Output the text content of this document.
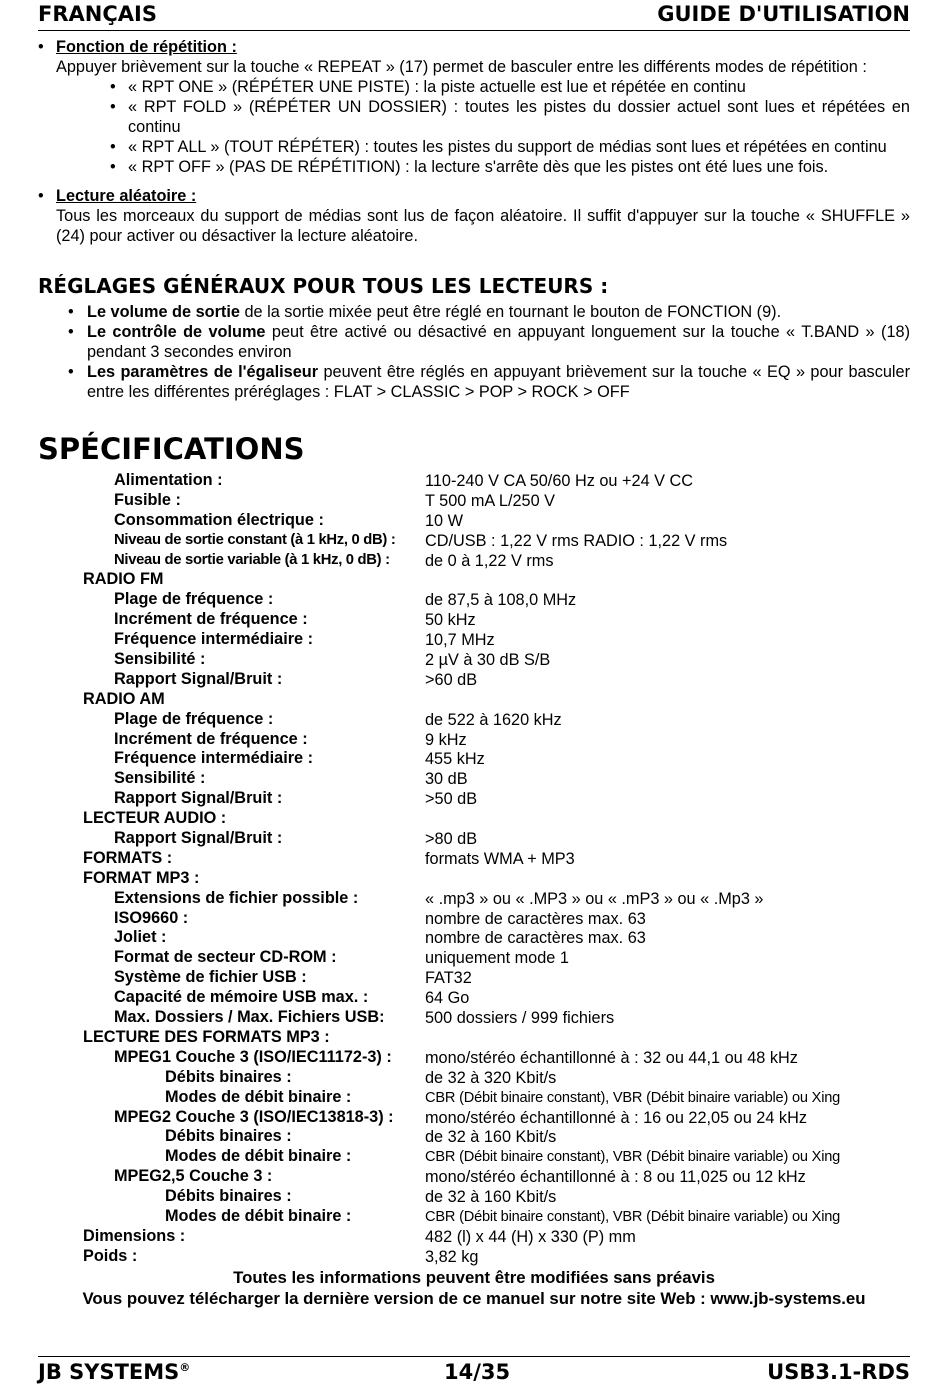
FRANÇAIS	GUIDE D'UTILISATION
• Fonction de répétition :
Appuyer brièvement sur la touche « REPEAT » (17) permet de basculer entre les différents modes de répétition :
• « RPT ONE » (RÉPÉTER UNE PISTE) : la piste actuelle est lue et répétée en continu
• « RPT FOLD » (RÉPÉTER UN DOSSIER) : toutes les pistes du dossier actuel sont lues et répétées en continu
• « RPT ALL » (TOUT RÉPÉTER) : toutes les pistes du support de médias sont lues et répétées en continu
• « RPT OFF » (PAS DE RÉPÉTITION) : la lecture s'arrête dès que les pistes ont été lues une fois.
• Lecture aléatoire :
Tous les morceaux du support de médias sont lus de façon aléatoire. Il suffit d'appuyer sur la touche « SHUFFLE » (24) pour activer ou désactiver la lecture aléatoire.
RÉGLAGES GÉNÉRAUX POUR TOUS LES LECTEURS :
• Le volume de sortie de la sortie mixée peut être réglé en tournant le bouton de FONCTION (9).
• Le contrôle de volume peut être activé ou désactivé en appuyant longuement sur la touche « T.BAND » (18) pendant 3 secondes environ
• Les paramètres de l'égaliseur peuvent être réglés en appuyant brièvement sur la touche « EQ » pour basculer entre les différentes préréglages : FLAT > CLASSIC > POP > ROCK > OFF
SPÉCIFICATIONS
Alimentation :	110-240 V CA 50/60 Hz ou +24 V CC
Fusible :	T 500 mA L/250 V
Consommation électrique :	10 W
Niveau de sortie constant (à 1 kHz, 0 dB) : CD/USB : 1,22 V rms RADIO : 1,22 V rms
Niveau de sortie variable (à 1 kHz, 0 dB) : de 0 à 1,22 V rms
RADIO FM
Plage de fréquence :	de 87,5 à 108,0 MHz
Incrément de fréquence :	50 kHz
Fréquence intermédiaire :	10,7 MHz
Sensibilité :	2 µV à 30 dB S/B
Rapport Signal/Bruit :	>60 dB
RADIO AM
Plage de fréquence :	de 522 à 1620 kHz
Incrément de fréquence :	9 kHz
Fréquence intermédiaire :	455 kHz
Sensibilité :	30 dB
Rapport Signal/Bruit :	>50 dB
LECTEUR AUDIO :
Rapport Signal/Bruit :	>80 dB
FORMATS :	formats WMA + MP3
FORMAT MP3 :
Extensions de fichier possible :	« .mp3 » ou « .MP3 » ou « .mP3 » ou « .Mp3 »
ISO9660 :	nombre de caractères max. 63
Joliet :	nombre de caractères max. 63
Format de secteur CD-ROM :	uniquement mode 1
Système de fichier USB :	FAT32
Capacité de mémoire USB max. :	64 Go
Max. Dossiers / Max. Fichiers USB: 500 dossiers / 999 fichiers
LECTURE DES FORMATS MP3 :
MPEG1 Couche 3 (ISO/IEC11172-3) : mono/stéréo échantillonné à : 32 ou 44,1 ou 48 kHz
Débits binaires :	de 32 à 320 Kbit/s
Modes de débit binaire :	CBR (Débit binaire constant), VBR (Débit binaire variable) ou Xing
MPEG2 Couche 3 (ISO/IEC13818-3) : mono/stéréo échantillonné à : 16 ou 22,05 ou 24 kHz
Débits binaires :	de 32 à 160 Kbit/s
Modes de débit binaire :	CBR (Débit binaire constant), VBR (Débit binaire variable) ou Xing
MPEG2,5 Couche 3 :	mono/stéréo échantillonné à : 8 ou 11,025 ou 12 kHz
Débits binaires :	de 32 à 160 Kbit/s
Modes de débit binaire :	CBR (Débit binaire constant), VBR (Débit binaire variable) ou Xing
Dimensions :	482 (l) x 44 (H) x 330 (P) mm
Poids :	3,82 kg
Toutes les informations peuvent être modifiées sans préavis
Vous pouvez télécharger la dernière version de ce manuel sur notre site Web : www.jb-systems.eu
JB SYSTEMS®	14/35	USB3.1-RDS
